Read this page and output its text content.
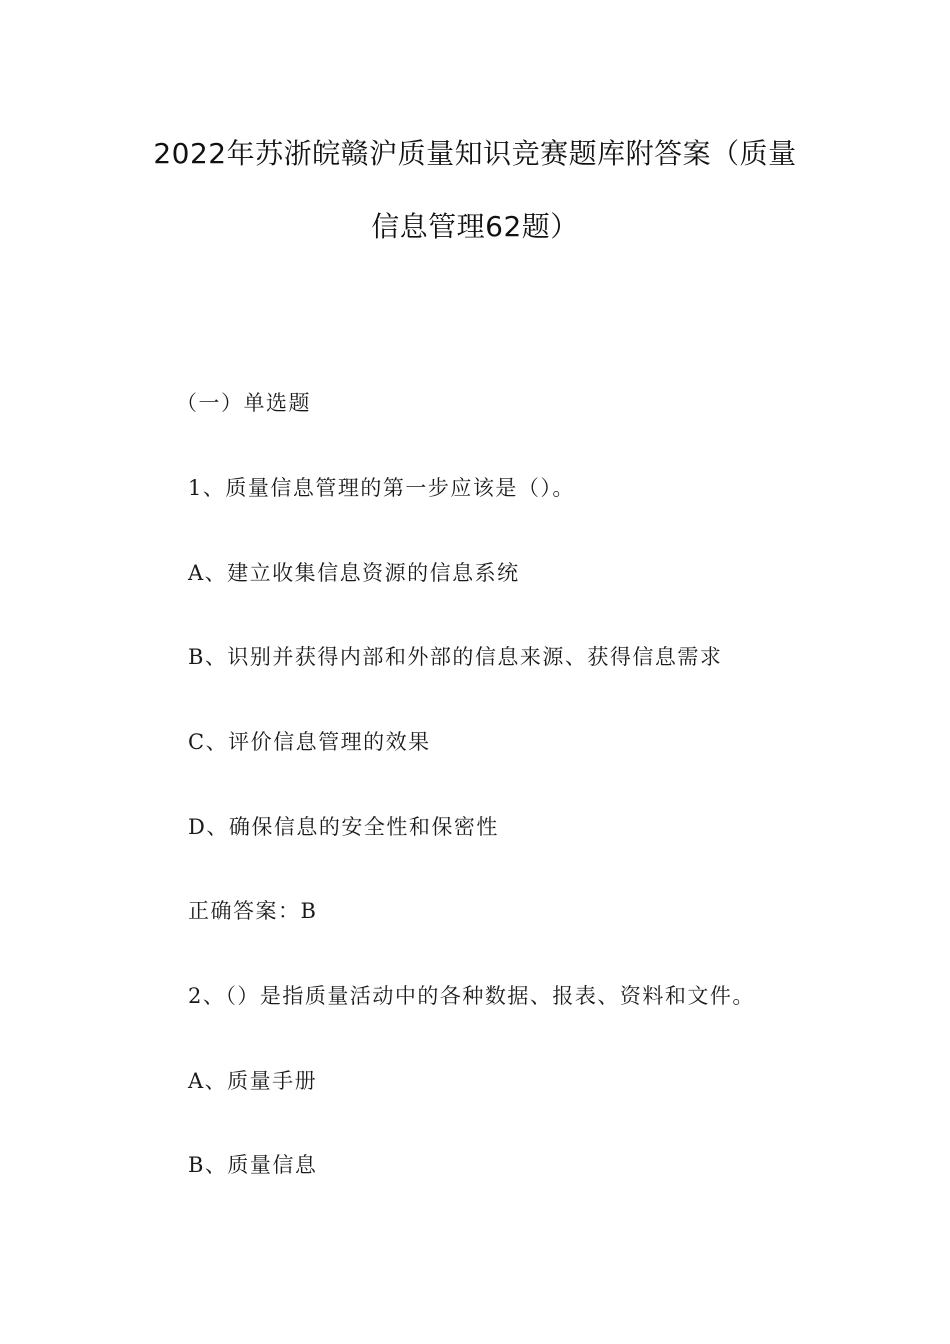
2022年苏浙皖赣沪质量知识竞赛题库附答案（质量
信息管理62题）
（一）单选题
1、质量信息管理的第一步应该是（）。
A、建立收集信息资源的信息系统
B、识别并获得内部和外部的信息来源、获得信息需求
C、评价信息管理的效果
D、确保信息的安全性和保密性
正确答案：B
2、（）是指质量活动中的各种数据、报表、资料和文件。
A、质量手册
B、质量信息
